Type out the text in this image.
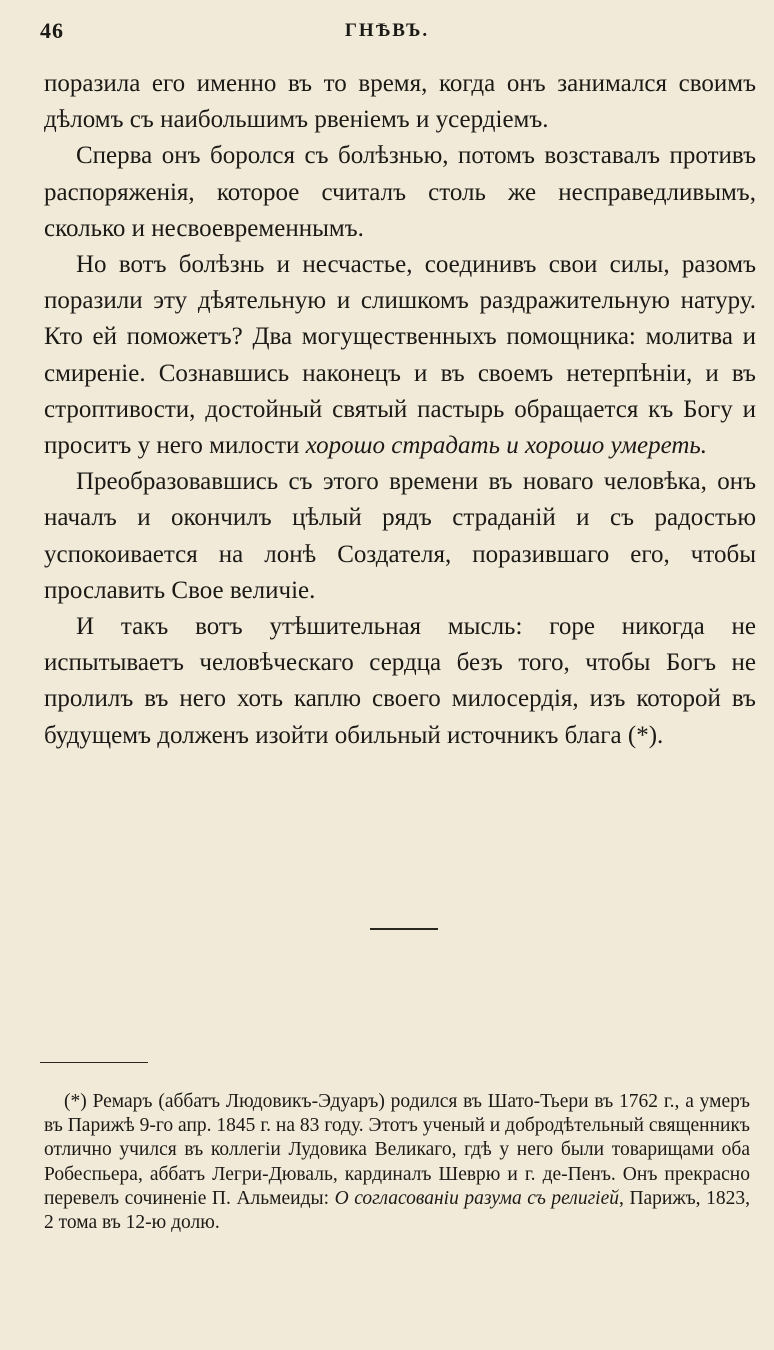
46	ГНѢВЪ.

поразила его именно въ то время, когда онъ занимался своимъ дѣломъ съ наибольшимъ рвенiемъ и усердiемъ.

Сперва онъ боролся съ болѣзнью, потомъ возставалъ противъ распоряженiя, которое считалъ столь же несправедливымъ, сколько и несвоевременнымъ.

Но вотъ болѣзнь и несчастье, соединивъ свои силы, разомъ поразили эту дѣятельную и слишкомъ раздражительную натуру. Кто ей поможетъ? Два могущественныхъ помощника: молитва и смиренiе. Сознавшись наконецъ и въ своемъ нетерпѣнiи, и въ строптивости, достойный святый пастырь обращается къ Богу и проситъ у него милости хорошо страдать и хорошо умереть.

Преобразовавшись съ этого времени въ новаго человѣка, онъ началъ и окончилъ цѣлый рядъ страданiй и съ радостью успокоивается на лонѣ Создателя, поразившаго его, чтобы прославить Свое величiе.

И такъ вотъ утѣшительная мысль: горе никогда не испытываетъ человѣческаго сердца безъ того, чтобы Богъ не пролилъ въ него хоть каплю своего милосердiя, изъ которой въ будущемъ долженъ изойти обильный источникъ блага (*).

(*) Ремаръ (аббатъ Людовикъ-Эдуаръ) родился въ Шато-Тьери въ 1762 г., а умеръ въ Парижѣ 9-го апр. 1845 г. на 83 году. Этотъ ученый и добродѣтельный священникъ отлично учился въ коллегiи Лудовика Великаго, гдѣ у него были товарищами оба Робеспьера, аббатъ Легри-Дюваль, кардиналъ Шеврю и г. де-Пенъ. Онъ прекрасно перевелъ сочиненiе П. Альмеиды: О согласованiи разума съ религiей, Парижъ, 1823, 2 тома въ 12-ю долю.
